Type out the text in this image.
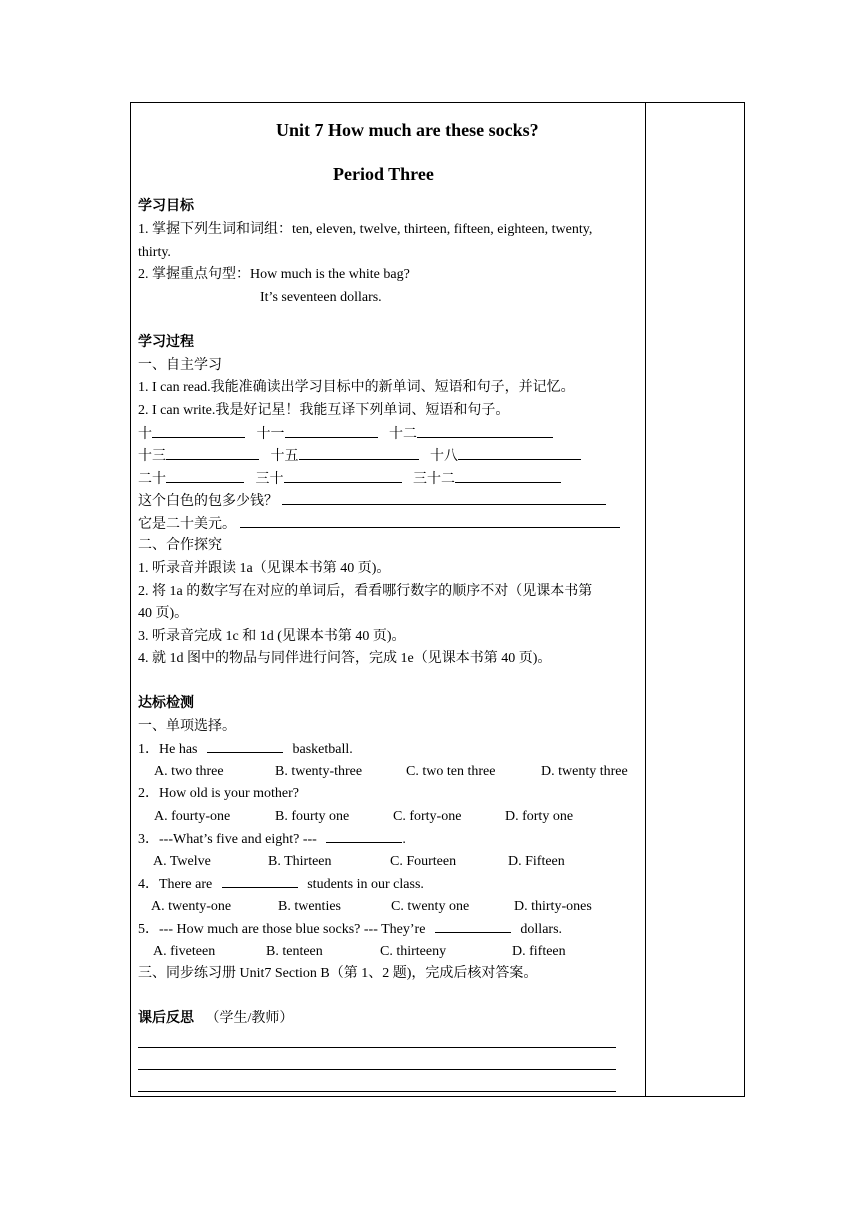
Unit 7 How much are these socks?
Period Three
学习目标
1. 掌握下列生词和词组：ten, eleven, twelve, thirteen, fifteen, eighteen, twenty,
thirty.
2. 掌握重点句型：How much is the white bag?
It’s seventeen dollars.
学习过程
一、自主学习
1. I can read.我能准确读出学习目标中的新单词、短语和句子，并记忆。
2. I can write.我是好记星！我能互译下列单词、短语和句子。
十	十一	十二
十三	十五	十八
二十	三十	三十二
这个白色的包多少钱？
它是二十美元。
二、合作探究
1. 听录音并跟读 1a（见课本书第 40 页)。
2. 将 1a 的数字写在对应的单词后，看看哪行数字的顺序不对（见课本书第
40 页)。
3. 听录音完成 1c 和 1d (见课本书第 40 页)。
4. 就 1d 图中的物品与同伴进行问答，完成 1e（见课本书第 40 页)。
达标检测
一、单项选择。
1．He has	basketball.
A. two three	B. twenty-three	C. two ten three	D. twenty three
2．How old is your mother?
A. fourty-one	B. fourty one	C. forty-one	D. forty one
3．---What’s five and eight? ---	.
A. Twelve	B. Thirteen	C. Fourteen	D. Fifteen
4．There are	students in our class.
A. twenty-one	B. twenties	C. twenty one	D. thirty-ones
5．--- How much are those blue socks? --- They’re	dollars.
A. fiveteen	B. tenteen	C. thirteeny	D. fifteen
三、同步练习册 Unit7 Section B（第 1、2 题)，完成后核对答案。
课后反思 （学生/教师）
